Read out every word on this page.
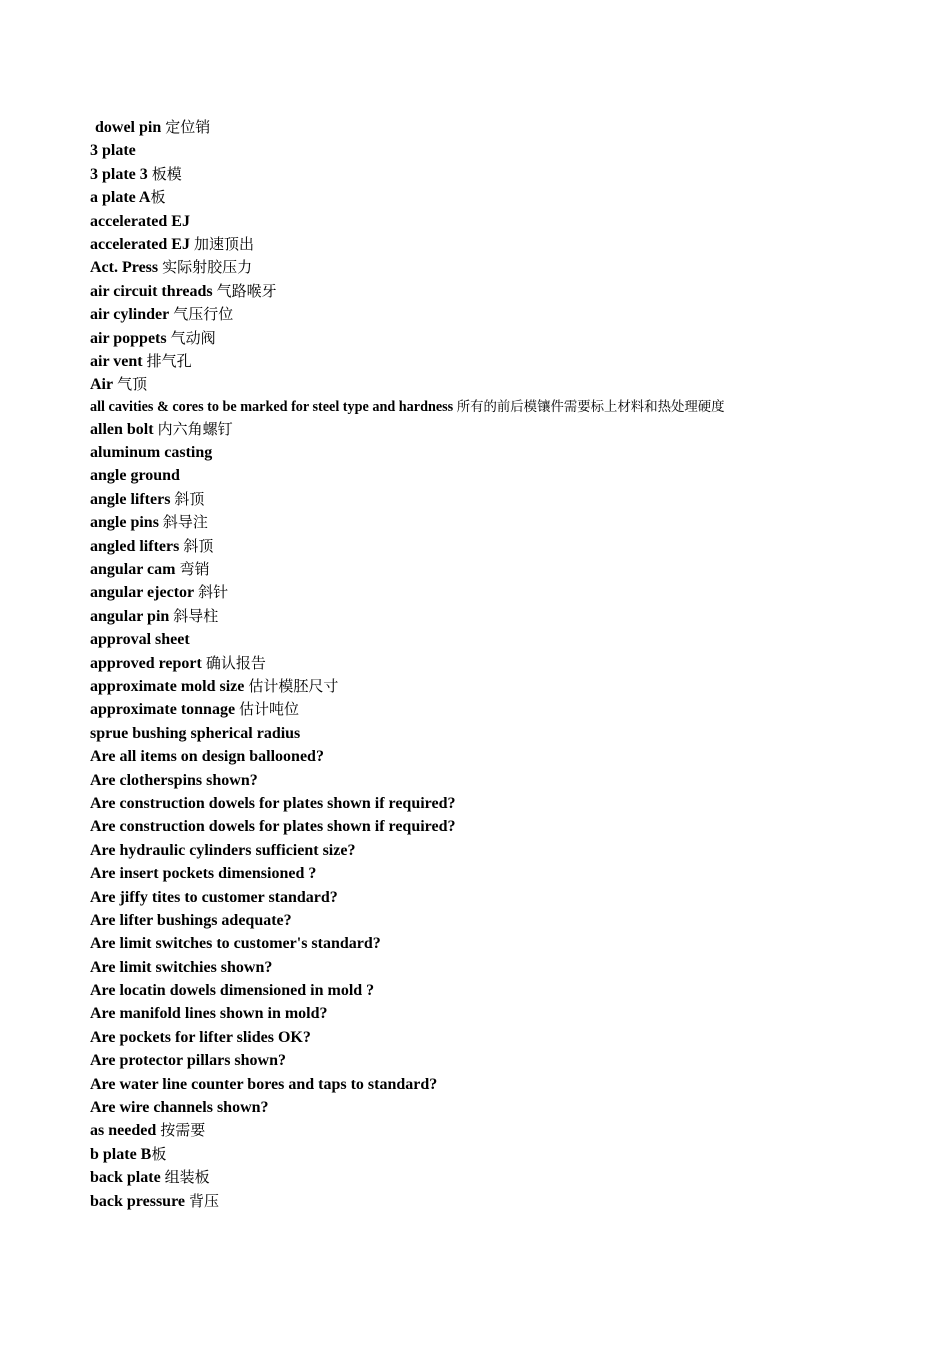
dowel pin 定位销
3 plate
3 plate 3 板模
a plate A板
accelerated EJ
accelerated EJ 加速顶出
Act. Press 实际射胶压力
air circuit threads 气路喉牙
air cylinder 气压行位
air poppets 气动阀
air vent 排气孔
Air 气顶
all cavities & cores to be marked for steel type and hardness 所有的前后模镶件需要标上材料和热处理硬度
allen bolt 内六角螺钉
aluminum casting
angle ground
angle lifters 斜顶
angle pins 斜导注
angled lifters 斜顶
angular cam 弯销
angular ejector 斜针
angular pin 斜导柱
approval sheet
approved report 确认报告
approximate mold size 估计模胚尺寸
approximate tonnage 估计吨位
sprue bushing spherical radius
Are all items on design ballooned?
Are clotherspins shown?
Are construction dowels for plates shown if required?
Are construction dowels for plates shown if required?
Are hydraulic cylinders sufficient size?
Are insert pockets dimensioned ?
Are jiffy tites to customer standard?
Are lifter bushings adequate?
Are limit switches to customer's standard?
Are limit switchies shown?
Are locatin dowels dimensioned in mold ?
Are manifold lines shown in mold?
Are pockets for lifter slides OK?
Are protector pillars shown?
Are water line counter bores and taps to standard?
Are wire channels shown?
as needed 按需要
b plate B板
back plate 组装板
back pressure 背压
